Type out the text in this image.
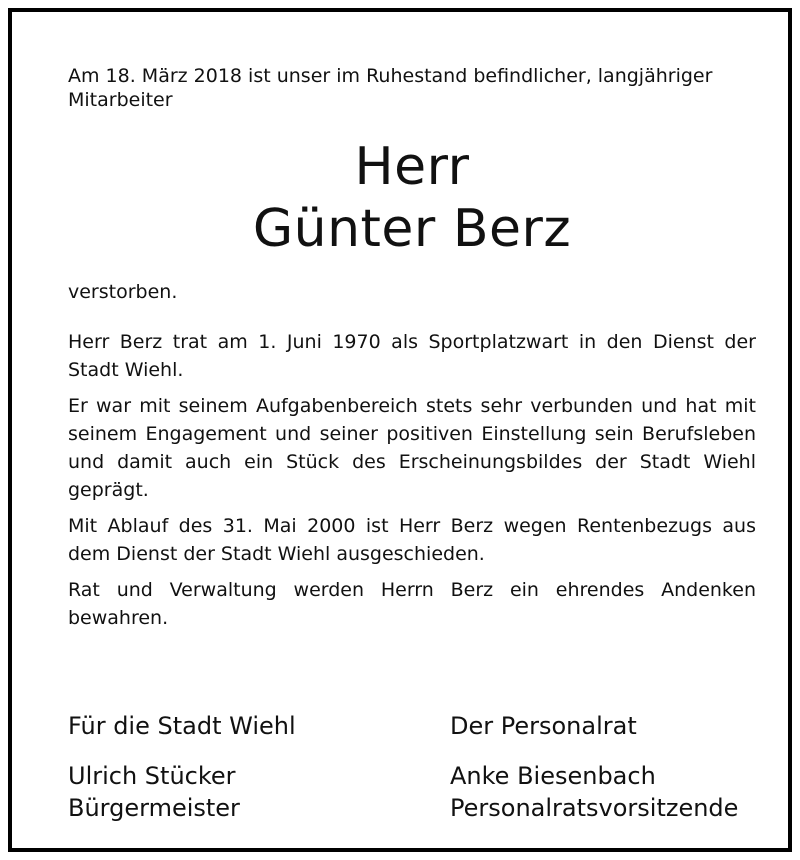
Am 18. März 2018 ist unser im Ruhestand befindlicher, langjähriger Mitarbeiter

Herr

Günter Berz

verstorben.

Herr Berz trat am 1. Juni 1970 als Sportplatzwart in den Dienst der Stadt Wiehl.

Er war mit seinem Aufgabenbereich stets sehr verbunden und hat mit seinem Engagement und seiner positiven Einstellung sein Berufsleben und damit auch ein Stück des Erscheinungsbildes der Stadt Wiehl geprägt.

Mit Ablauf des 31. Mai 2000 ist Herr Berz wegen Rentenbezugs aus dem Dienst der Stadt Wiehl ausgeschieden.

Rat und Verwaltung werden Herrn Berz ein ehrendes Andenken bewahren.

Für die Stadt Wiehl

Ulrich Stücker

Bürgermeister

Der Personalrat

Anke Biesenbach

Personalratsvorsitzende
